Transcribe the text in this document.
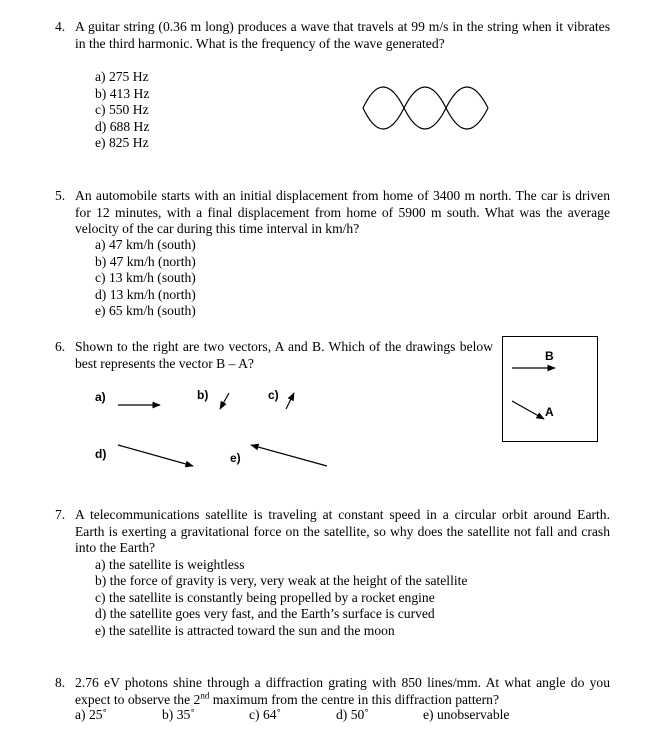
4. A guitar string (0.36 m long) produces a wave that travels at 99 m/s in the string when it vibrates in the third harmonic. What is the frequency of the wave generated?
a) 275 Hz
b) 413 Hz
c) 550 Hz
d) 688 Hz
e) 825 Hz
5. An automobile starts with an initial displacement from home of 3400 m north. The car is driven for 12 minutes, with a final displacement from home of 5900 m south. What was the average velocity of the car during this time interval in km/h?
a) 47 km/h (south)
b) 47 km/h (north)
c) 13 km/h (south)
d) 13 km/h (north)
e) 65 km/h (south)
6. Shown to the right are two vectors, A and B. Which of the drawings below best represents the vector B – A?
a)	b)	c)
d)	e)
B
A
7. A telecommunications satellite is traveling at constant speed in a circular orbit around Earth. Earth is exerting a gravitational force on the satellite, so why does the satellite not fall and crash into the Earth?
a) the satellite is weightless
b) the force of gravity is very, very weak at the height of the satellite
c) the satellite is constantly being propelled by a rocket engine
d) the satellite goes very fast, and the Earth’s surface is curved
e) the satellite is attracted toward the sun and the moon
8. 2.76 eV photons shine through a diffraction grating with 850 lines/mm. At what angle do you expect to observe the 2nd maximum from the centre in this diffraction pattern?
a) 25˚	b) 35˚	c) 64˚	d) 50˚	e) unobservable
